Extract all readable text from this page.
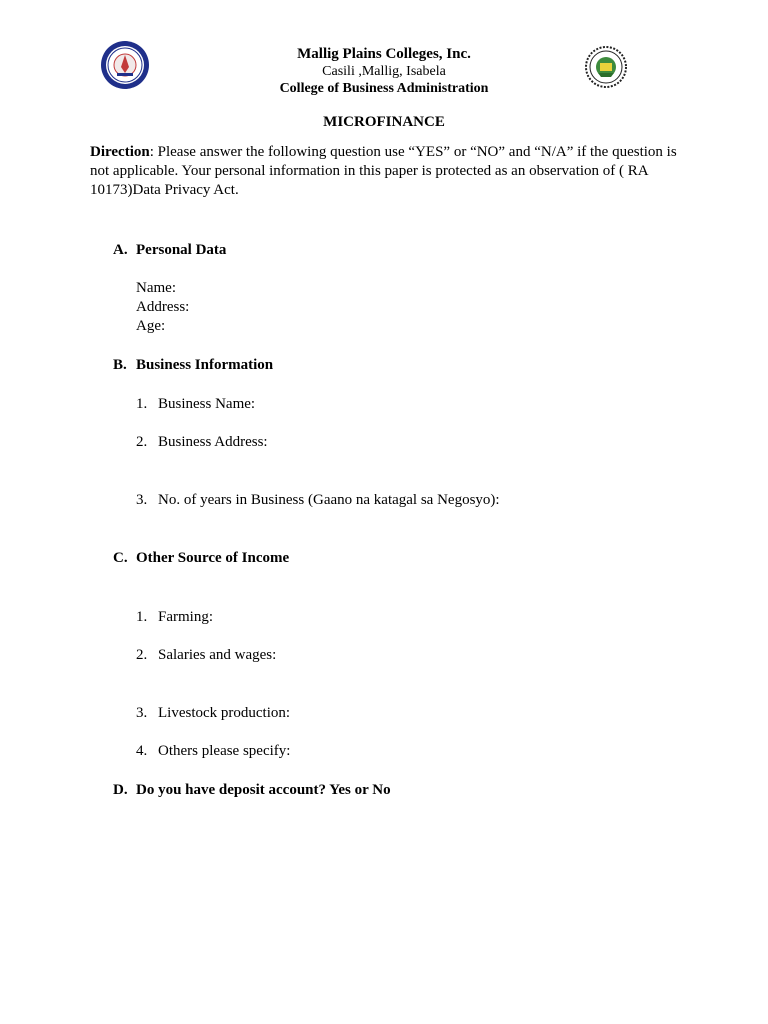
Mallig Plains Colleges, Inc.
Casili ,Mallig, Isabela
College of Business Administration
MICROFINANCE
Direction: Please answer the following question use “YES” or “NO” and “N/A” if the question is not applicable. Your personal information in this paper is protected as an observation of ( RA 10173)Data Privacy Act.
A. Personal Data
Name:
Address:
Age:
B. Business Information
1. Business Name:
2. Business Address:
3. No. of years in Business (Gaano na katagal sa Negosyo):
C. Other Source of Income
1. Farming:
2. Salaries and wages:
3. Livestock production:
4. Others please specify:
D. Do you have deposit account? Yes or No
